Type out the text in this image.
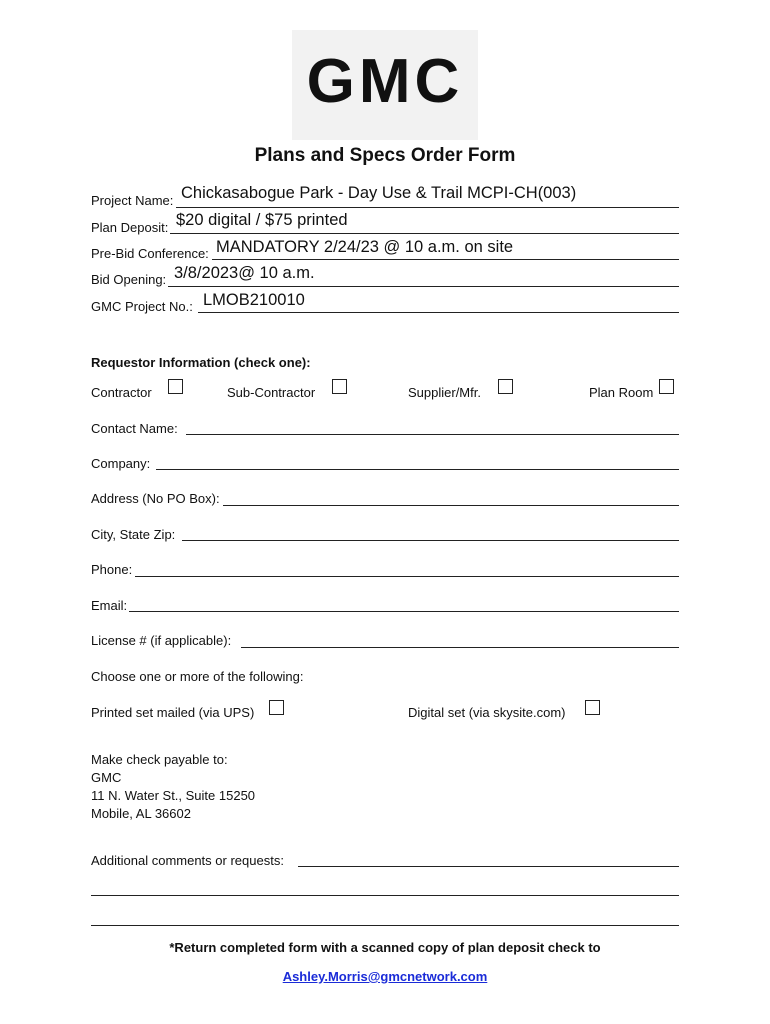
GMC
Plans and Specs Order Form
Project Name: Chickasabogue Park - Day Use & Trail MCPI-CH(003)
Plan Deposit: $20 digital / $75 printed
Pre-Bid Conference: MANDATORY 2/24/23 @ 10 a.m. on site
Bid Opening: 3/8/2023@ 10 a.m.
GMC Project No.: LMOB210010
Requestor Information (check one):
Contractor	Sub-Contractor	Supplier/Mfr.	Plan Room
Contact Name:
Company:
Address (No PO Box):
City, State Zip:
Phone:
Email:
License # (if applicable):
Choose one or more of the following:
Printed set mailed (via UPS)	Digital set (via skysite.com)
Make check payable to:
GMC
11 N. Water St., Suite 15250
Mobile, AL 36602
Additional comments or requests:
*Return completed form with a scanned copy of plan deposit check to
Ashley.Morris@gmcnetwork.com
